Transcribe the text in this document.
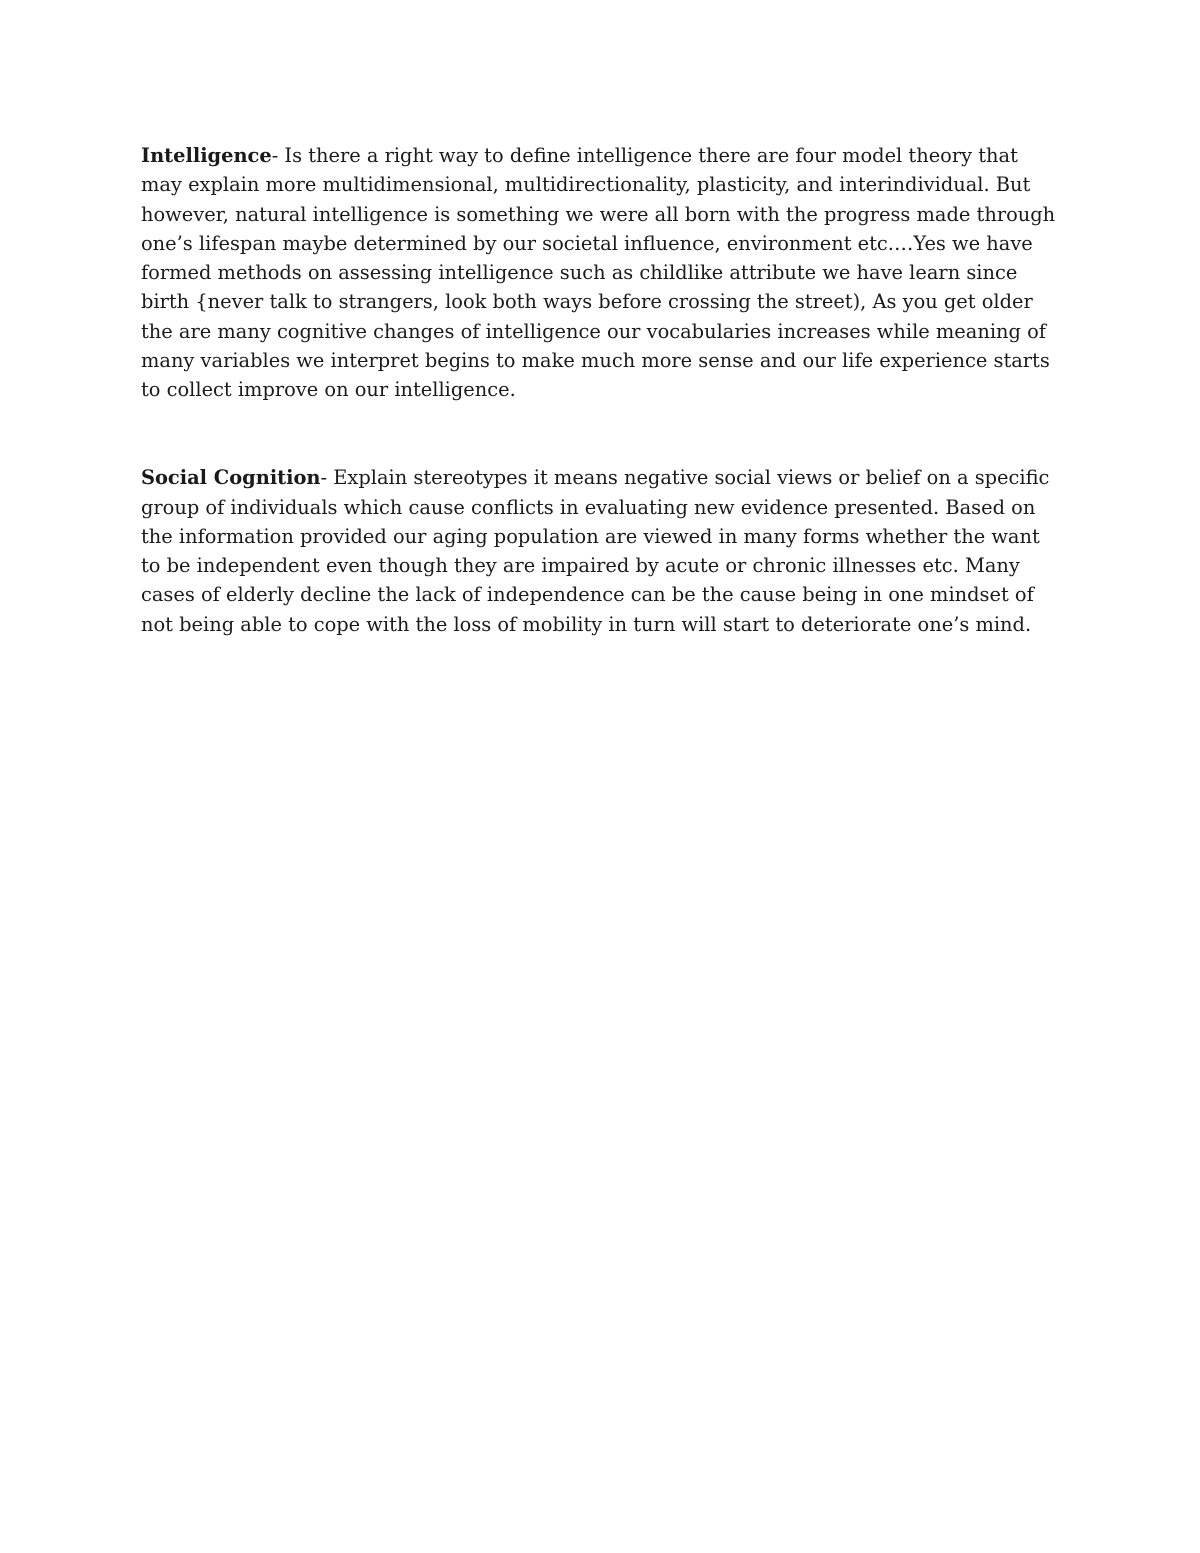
Intelligence- Is there a right way to define intelligence there are four model theory that may explain more multidimensional, multidirectionality, plasticity, and interindividual. But however, natural intelligence is something we were all born with the progress made through one’s lifespan maybe determined by our societal influence, environment etc.…Yes we have formed methods on assessing intelligence such as childlike attribute we have learn since birth {never talk to strangers, look both ways before crossing the street), As you get older the are many cognitive changes of intelligence our vocabularies increases while meaning of many variables we interpret begins to make much more sense and our life experience starts to collect improve on our intelligence.

Social Cognition- Explain stereotypes it means negative social views or belief on a specific group of individuals which cause conflicts in evaluating new evidence presented. Based on the information provided our aging population are viewed in many forms whether the want to be independent even though they are impaired by acute or chronic illnesses etc. Many cases of elderly decline the lack of independence can be the cause being in one mindset of not being able to cope with the loss of mobility in turn will start to deteriorate one’s mind.
